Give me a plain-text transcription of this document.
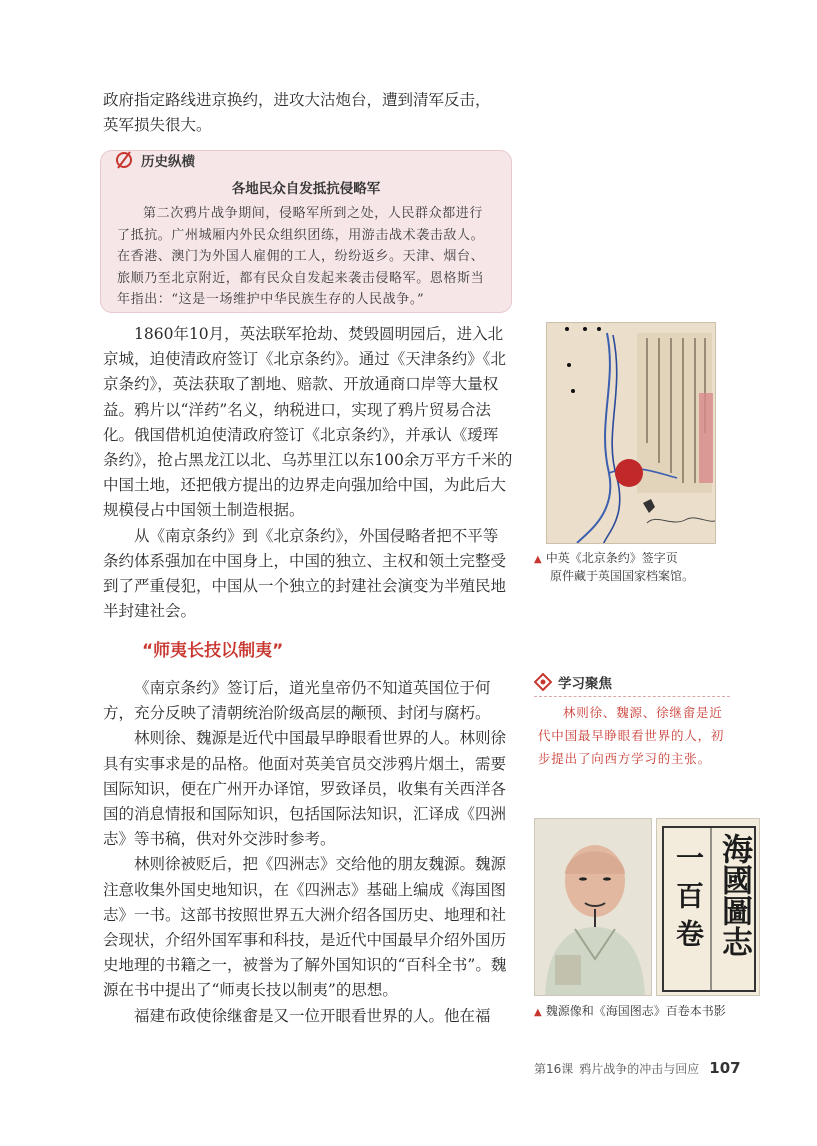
政府指定路线进京换约，进攻大沽炮台，遭到清军反击，

英军损失很大。

历史纵横
各地民众自发抵抗侵略军
第二次鸦片战争期间，侵略军所到之处，人民群众都进行了抵抗。广州城厢内外民众组织团练，用游击战术袭击敌人。在香港、澳门为外国人雇佣的工人，纷纷返乡。天津、烟台、旅顺乃至北京附近，都有民众自发起来袭击侵略军。恩格斯当年指出：“这是一场维护中华民族生存的人民战争。”

1860年10月，英法联军抢劫、焚毁圆明园后，进入北京城，迫使清政府签订《北京条约》。通过《天津条约》《北京条约》，英法获取了割地、赔款、开放通商口岸等大量权益。鸦片以“洋药”名义，纳税进口，实现了鸦片贸易合法化。俄国借机迫使清政府签订《北京条约》，并承认《瑷珲条约》，抢占黑龙江以北、乌苏里江以东100余万平方千米的中国土地，还把俄方提出的边界走向强加给中国，为此后大规模侵占中国领土制造根据。

从《南京条约》到《北京条约》，外国侵略者把不平等条约体系强加在中国身上，中国的独立、主权和领土完整受到了严重侵犯，中国从一个独立的封建社会演变为半殖民地半封建社会。

“师夷长技以制夷”

《南京条约》签订后，道光皇帝仍不知道英国位于何方，充分反映了清朝统治阶级高层的颟顸、封闭与腐朽。

林则徐、魏源是近代中国最早睁眼看世界的人。林则徐具有实事求是的品格。他面对英美官员交涉鸦片烟土，需要国际知识，便在广州开办译馆，罗致译员，收集有关西洋各国的消息情报和国际知识，包括国际法知识，汇译成《四洲志》等书稿，供对外交涉时参考。

林则徐被贬后，把《四洲志》交给他的朋友魏源。魏源注意收集外国史地知识，在《四洲志》基础上编成《海国图志》一书。这部书按照世界五大洲介绍各国历史、地理和社会现状，介绍外国军事和科技，是近代中国最早介绍外国历史地理的书籍之一，被誉为了解外国知识的“百科全书”。魏源在书中提出了“师夷长技以制夷”的思想。

福建布政使徐继畬是又一位开眼看世界的人。他在福

▲ 中英《北京条约》签字页
原件藏于英国国家档案馆。
学习聚焦
林则徐、魏源、徐继畬是近代中国最早睁眼看世界的人，初步提出了向西方学习的主张。
海國圖志
一百卷
▲ 魏源像和《海国图志》百卷本书影
第16课 鸦片战争的冲击与回应 107
